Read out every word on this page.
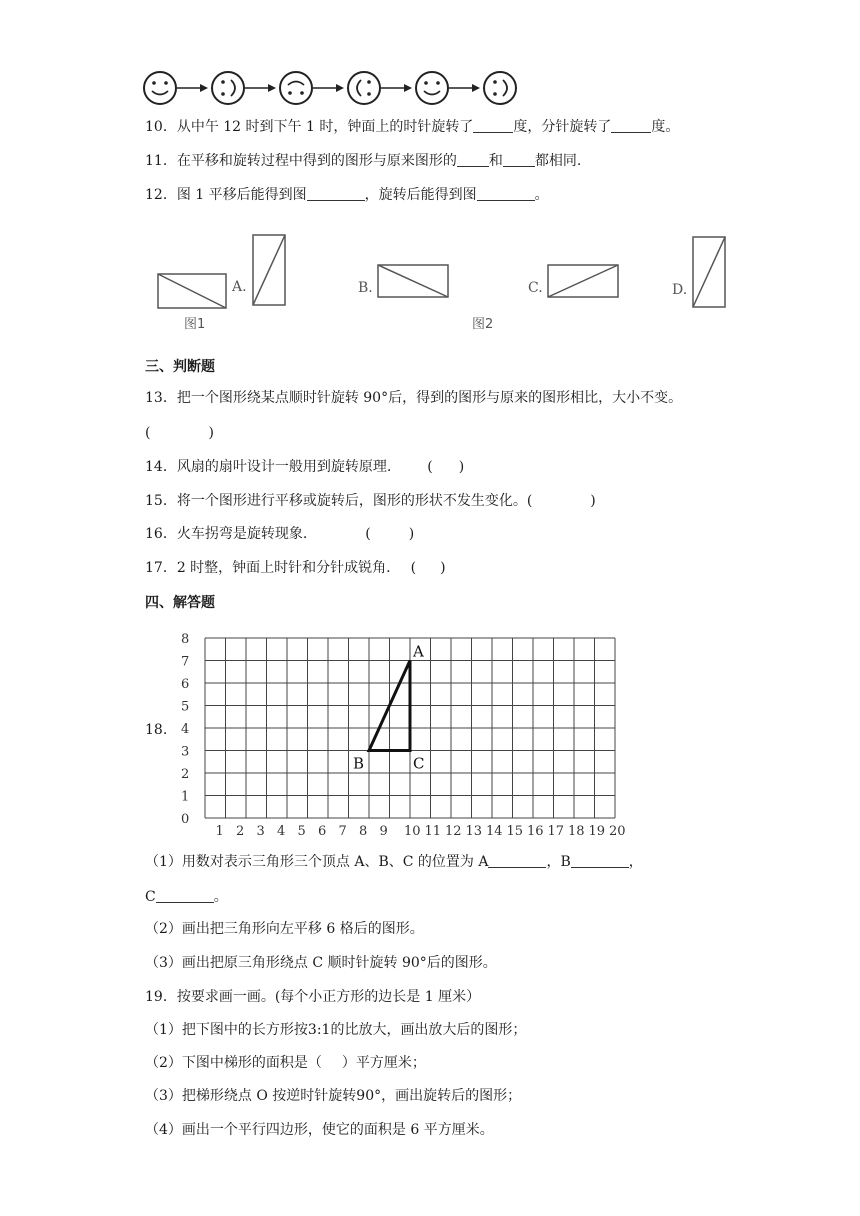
10．从中午 12 时到下午 1 时，钟面上的时针旋转了	度，分针旋转了	度。
11．在平移和旋转过程中得到的图形与原来图形的 和 都相同.
12．图 1 平移后能得到图	，旋转后能得到图	。
A.	B.	C.	D.
图1	图2
三、判断题
13．把一个图形绕某点顺时针旋转 90°后，得到的图形与原来的图形相比，大小不变。
(	)
14．风扇的扇叶设计一般用到旋转原理.	( )
15．将一个图形进行平移或旋转后，图形的形状不发生变化。(	)
16．火车拐弯是旋转现象.	(	)
17．2 时整，钟面上时针和分针成锐角. ( )
四、解答题
18.
8
7
6
5
4
3
2
1
0
1 2 3 4 5 6 7 8 9 10 11 12 13 14 15 16 17 18 19 20
A
B	C
（1）用数对表示三角形三个顶点 A、B、C 的位置为 A	，B	，
C	。
（2）画出把三角形向左平移 6 格后的图形。
（3）画出把原三角形绕点 C 顺时针旋转 90°后的图形。
19．按要求画一画。(每个小正方形的边长是 1 厘米）
（1）把下图中的长方形按3:1的比放大，画出放大后的图形；
（2）下图中梯形的面积是（ ）平方厘米；
（3）把梯形绕点 O 按逆时针旋转90°，画出旋转后的图形；
（4）画出一个平行四边形，使它的面积是 6 平方厘米。
